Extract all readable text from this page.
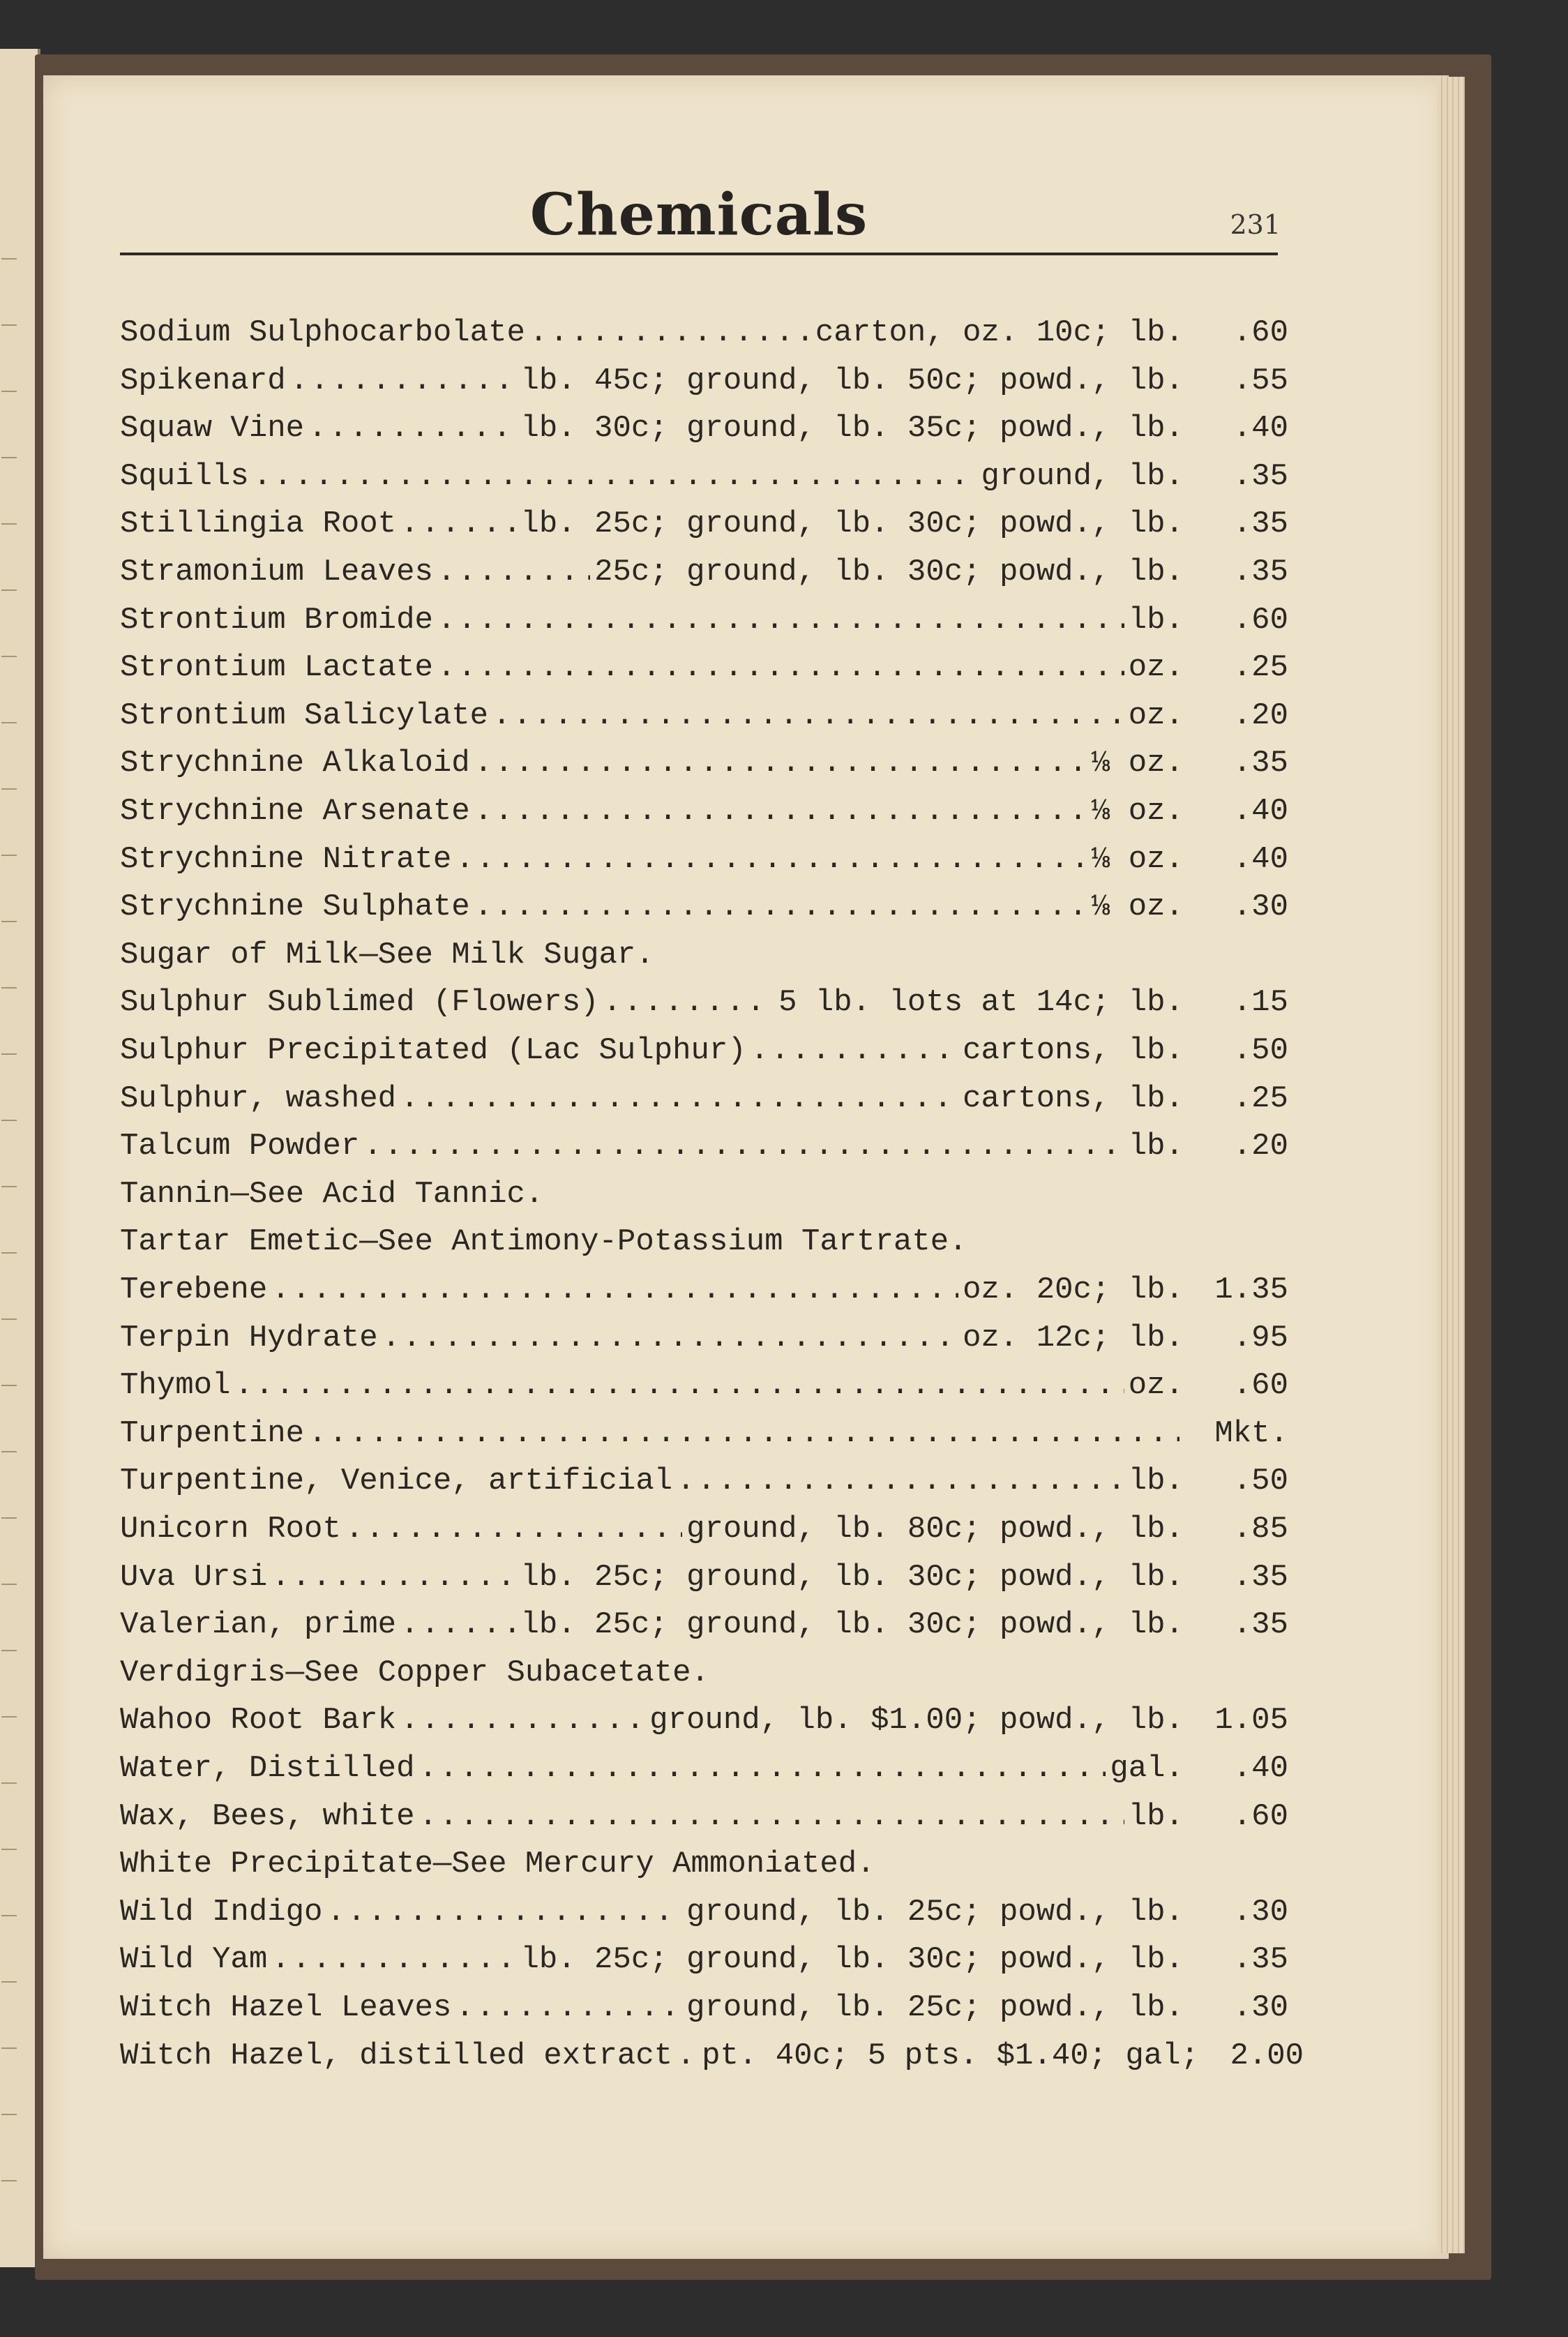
Chemicals	231
Sodium Sulphocarbolate .....	carton, oz. 10c; lb.	.60
Spikenard .....	lb. 45c; ground, lb. 50c; powd., lb.	.55
Squaw Vine .....	lb. 30c; ground, lb. 35c; powd., lb.	.40
Squills .....	ground, lb.	.35
Stillingia Root .....	lb. 25c; ground, lb. 30c; powd., lb.	.35
Stramonium Leaves .....	25c; ground, lb. 30c; powd., lb.	.35
Strontium Bromide .....	lb.	.60
Strontium Lactate .....	oz.	.25
Strontium Salicylate .....	oz.	.20
Strychnine Alkaloid .....	⅛ oz.	.35
Strychnine Arsenate .....	⅛ oz.	.40
Strychnine Nitrate .....	⅛ oz.	.40
Strychnine Sulphate .....	⅛ oz.	.30
Sugar of Milk—See Milk Sugar.
Sulphur Sublimed (Flowers) .....	5 lb. lots at 14c; lb.	.15
Sulphur Precipitated (Lac Sulphur) .....	cartons, lb.	.50
Sulphur, washed .....	cartons, lb.	.25
Talcum Powder .....	lb.	.20
Tannin—See Acid Tannic.
Tartar Emetic—See Antimony-Potassium Tartrate.
Terebene .....	oz. 20c; lb.	1.35
Terpin Hydrate .....	oz. 12c; lb.	.95
Thymol .....	oz.	.60
Turpentine .....	Mkt.
Turpentine, Venice, artificial .....	lb.	.50
Unicorn Root .....	ground, lb. 80c; powd., lb.	.85
Uva Ursi .....	lb. 25c; ground, lb. 30c; powd., lb.	.35
Valerian, prime .....	lb. 25c; ground, lb. 30c; powd., lb.	.35
Verdigris—See Copper Subacetate.
Wahoo Root Bark .....	ground, lb. $1.00; powd., lb.	1.05
Water, Distilled .....	gal.	.40
Wax, Bees, white .....	lb.	.60
White Precipitate—See Mercury Ammoniated.
Wild Indigo .....	ground, lb. 25c; powd., lb.	.30
Wild Yam .....	lb. 25c; ground, lb. 30c; powd., lb.	.35
Witch Hazel Leaves .....	ground, lb. 25c; powd., lb.	.30
Witch Hazel, distilled extract ..... pt. 40c; 5 pts. $1.40; gal;	2.00
